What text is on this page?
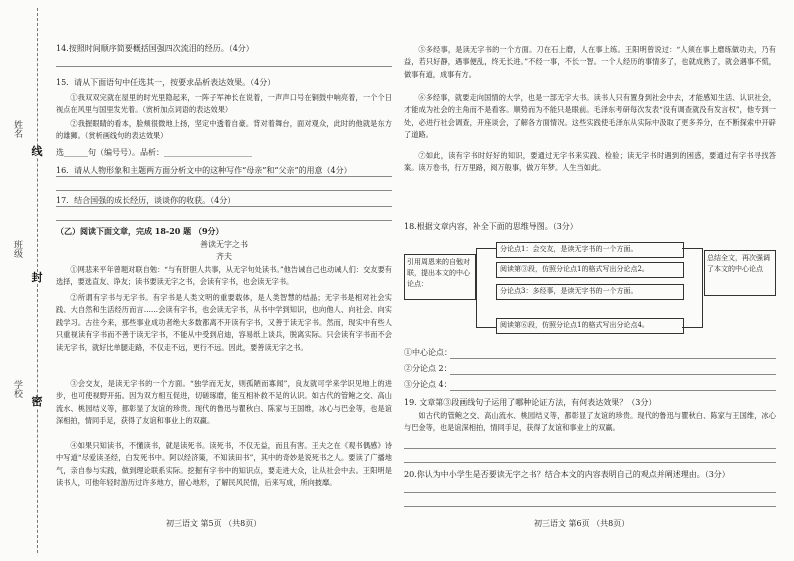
姓名
班级
学校
线
封
密
14.按照时间顺序简要概括国强四次流泪的经历。（4分）
15．请从下面语句中任选其一，按要求品析表达效果。（4分）
①我双双完就在屋里的时光里隐起来，一阵子军神长在说着，一声声口号在铜鼓中响亮着，一个个日视点在风里与国里发光着。（赏析加点词语的表达效果）
②我握眼睛的看本，脸颊很微地上扬，坚定中透着自豪。背对着舞台，面对观众，此时的他就是东方的雄狮。（赏析画线句的表达效果）
选______句（编号号）。品析：______________________
16．请从人物形象和主题两方面分析文中的这种写作“母亲”和“父亲”的用意（4分）
17．结合国强的成长经历，谈谈你的收获。（4分）
（乙）阅读下面文章，完成 18-20 题 （9分）
善读无字之书
齐夫
①网悲来平年曾题对联自勉：“与有肝胆人共事，从无字句处读书。”他告诫自己也动诫人们：交友要有选择，要选直友、诤友；读书要读无字之书，会读有字书，也会读无字书。
②所谓有字书与无字书。有字书是人类文明的重要载体，是人类智慧的结晶；无字书是相对社会实践、大自然和生活经历而言……会读有字书，也会读无字书，从书中学到知识，也向他人、向社会、向实践学习。古往今来，那些事业成功者绝大多数都离不开读有字书，又善于读无字书。然而，现实中有些人只重视读有字书而不善于读无字书，不能从中受到启迪，容易纸上谈兵，脱离实际。只会读有字书而不会读无字书，就好比单腿走路，不仅走不远，更行不远。因此，要善读无字之书。
③会交友，是读无字书的一个方面。“独学而无友，则孤陋而寡闻”，良友就可学来学识见地上的进步，也可使视野开拓。因为双方相互促进，切磋琢磨，能互相补救不足的认识。如古代的管鲍之交、高山流水、桃园结义等，都彰显了友谊的珍贵。现代的鲁迅与瞿秋白、陈家与王国维，冰心与巴金等，也是谊深相拍，情同手足，获得了友谊和事业上的双赢。
④如果只知读书，不懂读书，就是读死书。读死书，不仅无益，而且有害。王夫之在《观书偶感》诗中写道“尽爱读圣经，白发死书中。阿以经济策，不知读田书”，其中的奇妙是说死书之人。要读了广播地气，亲自参与实践，做到理论联系实际。挖掘有字书中的知识点，要走进大众，让从社会中去。王阳明是读书人，可他年轻时游历过许多地方，留心地形，了解民风民情，后来写成，所向披靡。
初三语文 第5页 （共8页）
⑤多经事，是读无字书的一个方面。刀在石上磨，人在事上练。王阳明曾说过：“人须在事上磨练做功夫，乃有益，若只好静，遇事便乱，终无长进。”不经一事，不长一智。一个人经历的事情多了，也就成熟了，就会遇事不慌，做事有道，成事有方。
⑥多经事，就要走向国情的大学，也是一部无字大书。读书人只有置身到社会中去，才能感知生活、认识社会，才能成为社会的主角而不是看客。顺势而为不能只是眼前。毛泽东考研每次发表“没有调查就没有发言权”，他专到一处，必进行社会调查，开座谈会，了解各方面情况。这些实践使毛泽东从实际中汲取了更多养分，在不断探索中开辟了道路。
⑦如此，读有字书时好好的知识，要通过无字书来实践、检验；读无字书时遇到的困惑，要通过有字书寻找答案。读万卷书，行万里路，阅万般事，做万年梦。人生当如此。
18.根据文章内容，补全下面的思维导图。（3分）
引用周恩来的自勉对联，提出本文的中心论点：
分论点1：会交友，是读无字书的一个方面。
阅读第③段，仿照分论点1的格式写出分论点2。
分论点3：多经事，是读无字书的一个方面。
阅读第⑥段，仿照分论点1的格式写出分论点4。
总结全文，再次强调了本文的中心论点
①中心论点：
②分论点 2：
③分论点 4：
19. 文章第③段画线句子运用了哪种论证方法，有何表达效果？（3分）
如古代的管鲍之交、高山流水、桃园结义等，都彰显了友谊的珍贵。现代的鲁迅与瞿秋白、陈家与王国维，冰心与巴金等，也是谊深相拍，情同手足，获得了友谊和事业上的双赢。
20.你认为中小学生是否要读无字之书？结合本文的内容表明自己的观点并阐述理由。（3分）
初三语文 第6页 （共8页）
